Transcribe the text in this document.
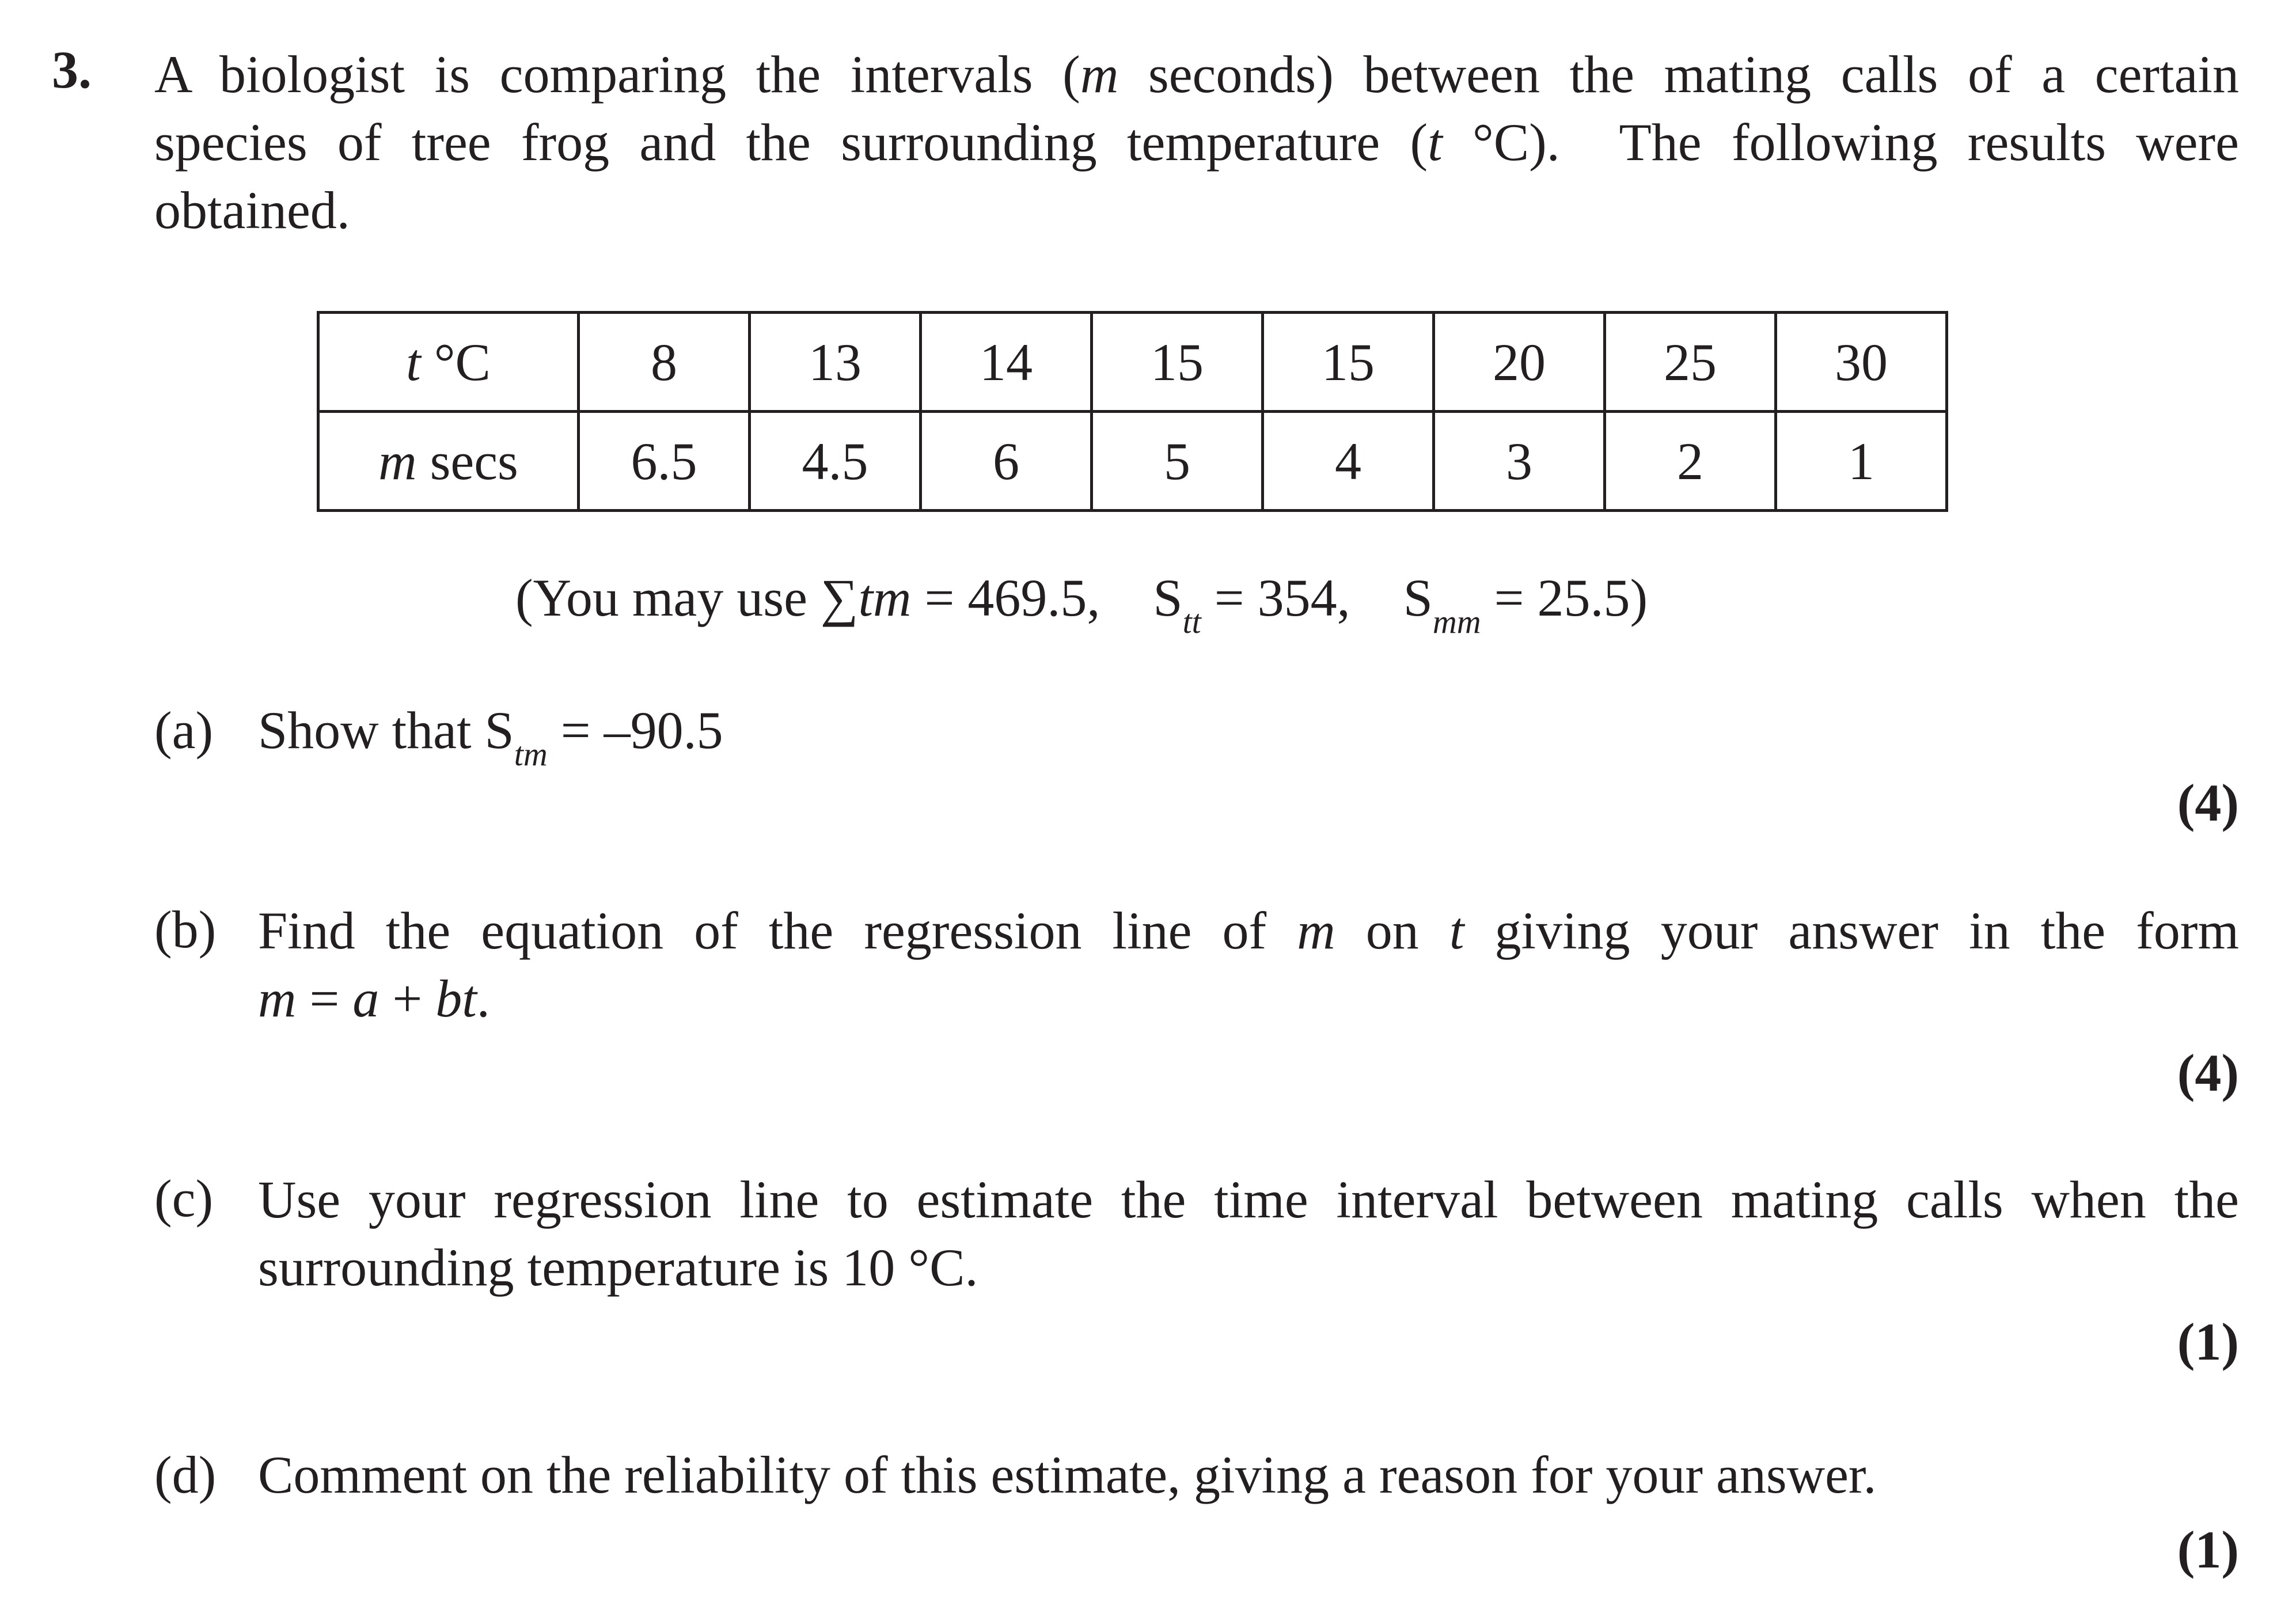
3. A biologist is comparing the intervals (m seconds) between the mating calls of a certain
species of tree frog and the surrounding temperature (t °C).  The following results were
obtained.
t °C	8	13	14	15	15	20	25	30
m secs	6.5	4.5	6	5	4	3	2	1
(You may use ∑tm = 469.5, $S_{tt} = 354$, $S_{mm} = 25.5$)
(a) Show that $S_{tm} = -90.5$
(4)
(b) Find the equation of the regression line of m on t giving your answer in the form
m = a + bt.
(4)
(c) Use your regression line to estimate the time interval between mating calls when the
surrounding temperature is 10 °C.
(1)
(d) Comment on the reliability of this estimate, giving a reason for your answer.
(1)
